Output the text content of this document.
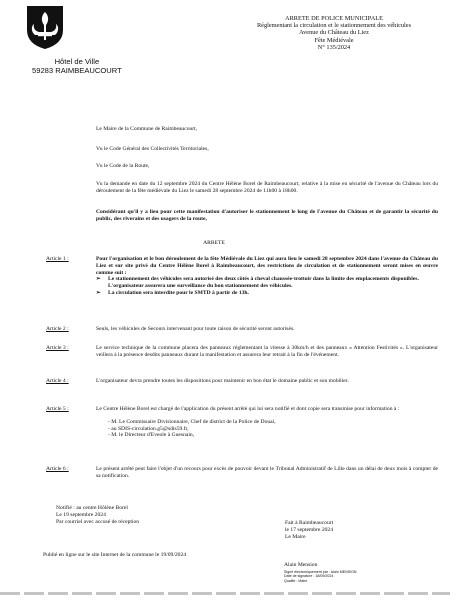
Hôtel de Ville
59283 RAIMBEAUCOURT
ARRETE DE POLICE MUNICIPALE
Réglementant la circulation et le stationnement des véhicules
Avenue du Château du Liez
Fête Médiévale
N° 135/2024
Le Maire de la Commune de Raimbeaucourt,
Vu le Code Général des Collectivités Territoriales,
Vu le Code de la Route,
Vu la demande en date du 12 septembre 2024 du Centre Hélène Borel de Raimbeaucourt, relative à la mise en sécurité de l'avenue du Château lors du déroulement de la fête médiévale du Liez le samedi 28 septembre 2024 de 11h00 à 18h00.
Considérant qu'il y a lieu pour cette manifestation d'autoriser le stationnement le long de l'avenue du Château et de garantir la sécurité du public, des riverains et des usagers de la route,
ARRETE
Article 1 :	Pour l'organisation et le bon déroulement de la fête Médiévale du Liez qui aura lieu le samedi 28 septembre 2024 dans l'avenue du Château du Liez et sur site privé du Centre Hélène Borel à Raimbeaucourt, des restrictions de circulation et de stationnement seront mises en œuvre comme suit :
➢	Le stationnement des véhicules sera autorisé des deux côtés à cheval chaussée-trottoir dans la limite des emplacements disponibles. L'organisateur assurera une surveillance du bon stationnement des véhicules.
➢	La circulation sera interdite pour le SMTD à partir de 13h.
Article 2 :	Seuls, les véhicules de Secours intervenant pour toute raison de sécurité seront autorisés.
Article 3 :	Le service technique de la commune placera des panneaux réglementant la vitesse à 30km/h et des panneaux « Attention Festivités ». L'organisateur veillera à la présence desdits panneaux durant la manifestation et assurera leur retrait à la fin de l'événement.
Article 4 :	L'organisateur devra prendre toutes les dispositions pour maintenir en bon état le domaine public et son mobilier.
Article 5 :	Le Centre Hélène Borel est chargé de l'application du présent arrêté qui lui sera notifié et dont copie sera transmise pour information à :
- M. Le Commissaire Divisionnaire, Chef de district de la Police de Douai,
- au SDIS-circulation.g5@sdis59.fr,
- M. le Directeur d'Eveole à Guesnain,
Article 6 :	Le présent arrêté peut faire l'objet d'un recours pour excès de pouvoir devant le Tribunal Administratif de Lille dans un délai de deux mois à compter de sa notification.
Notifié : au centre Hôlène Borel
Le 19 septembre 2024
Par courriel avec accusé de réception	Fait à Raimbeaucourt
le 17 septembre 2024
Le Maire
Publié en ligne sur le site Internet de la commune le 19/09/2024
Alain Mension
Signé électroniquement par : Alain MENSION
Date de signature : 18/09/2024
Qualité : Maire
